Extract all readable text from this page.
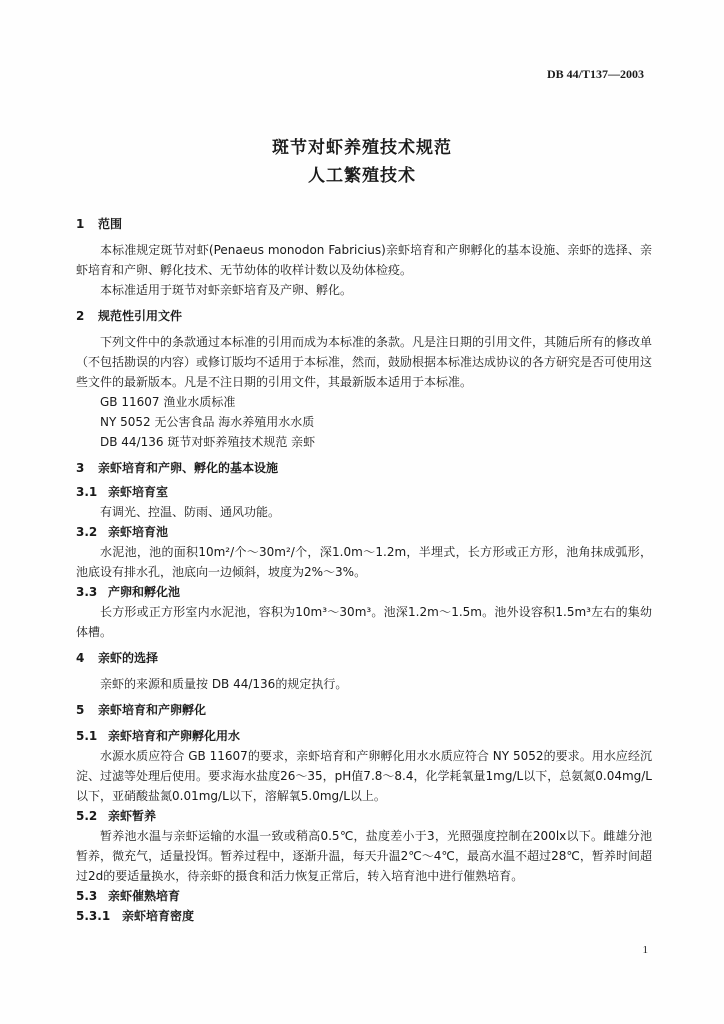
DB 44/T137—2003
斑节对虾养殖技术规范
人工繁殖技术
1 范围

本标准规定斑节对虾(Penaeus monodon Fabricius)亲虾培育和产卵孵化的基本设施、亲虾的选择、亲虾培育和产卵、孵化技术、无节幼体的收样计数以及幼体检疫。

本标准适用于斑节对虾亲虾培育及产卵、孵化。

2 规范性引用文件

下列文件中的条款通过本标准的引用而成为本标准的条款。凡是注日期的引用文件，其随后所有的修改单（不包括勘误的内容）或修订版均不适用于本标准，然而，鼓励根据本标准达成协议的各方研究是否可使用这些文件的最新版本。凡是不注日期的引用文件，其最新版本适用于本标准。

GB 11607 渔业水质标准

NY 5052 无公害食品 海水养殖用水水质

DB 44/136 斑节对虾养殖技术规范 亲虾

3 亲虾培育和产卵、孵化的基本设施
3.1 亲虾培育室

有调光、控温、防雨、通风功能。

3.2 亲虾培育池

水泥池，池的面积10m²/个～30m²/个，深1.0m～1.2m，半埋式，长方形或正方形，池角抹成弧形，池底设有排水孔，池底向一边倾斜，坡度为2%～3%。

3.3 产卵和孵化池

长方形或正方形室内水泥池，容积为10m³～30m³。池深1.2m～1.5m。池外设容积1.5m³左右的集幼体槽。

4 亲虾的选择

亲虾的来源和质量按 DB 44/136的规定执行。

5 亲虾培育和产卵孵化
5.1 亲虾培育和产卵孵化用水

水源水质应符合 GB 11607的要求，亲虾培育和产卵孵化用水水质应符合 NY 5052的要求。用水应经沉淀、过滤等处理后使用。要求海水盐度26～35，pH值7.8～8.4，化学耗氧量1mg/L以下，总氨氮0.04mg/L以下，亚硝酸盐氮0.01mg/L以下，溶解氧5.0mg/L以上。

5.2 亲虾暂养

暂养池水温与亲虾运输的水温一致或稍高0.5℃，盐度差小于3，光照强度控制在200lx以下。雌雄分池暂养，微充气，适量投饵。暂养过程中，逐渐升温，每天升温2℃～4℃，最高水温不超过28℃，暂养时间超过2d的要适量换水，待亲虾的摄食和活力恢复正常后，转入培育池中进行催熟培育。

5.3 亲虾催熟培育
5.3.1 亲虾培育密度
1
